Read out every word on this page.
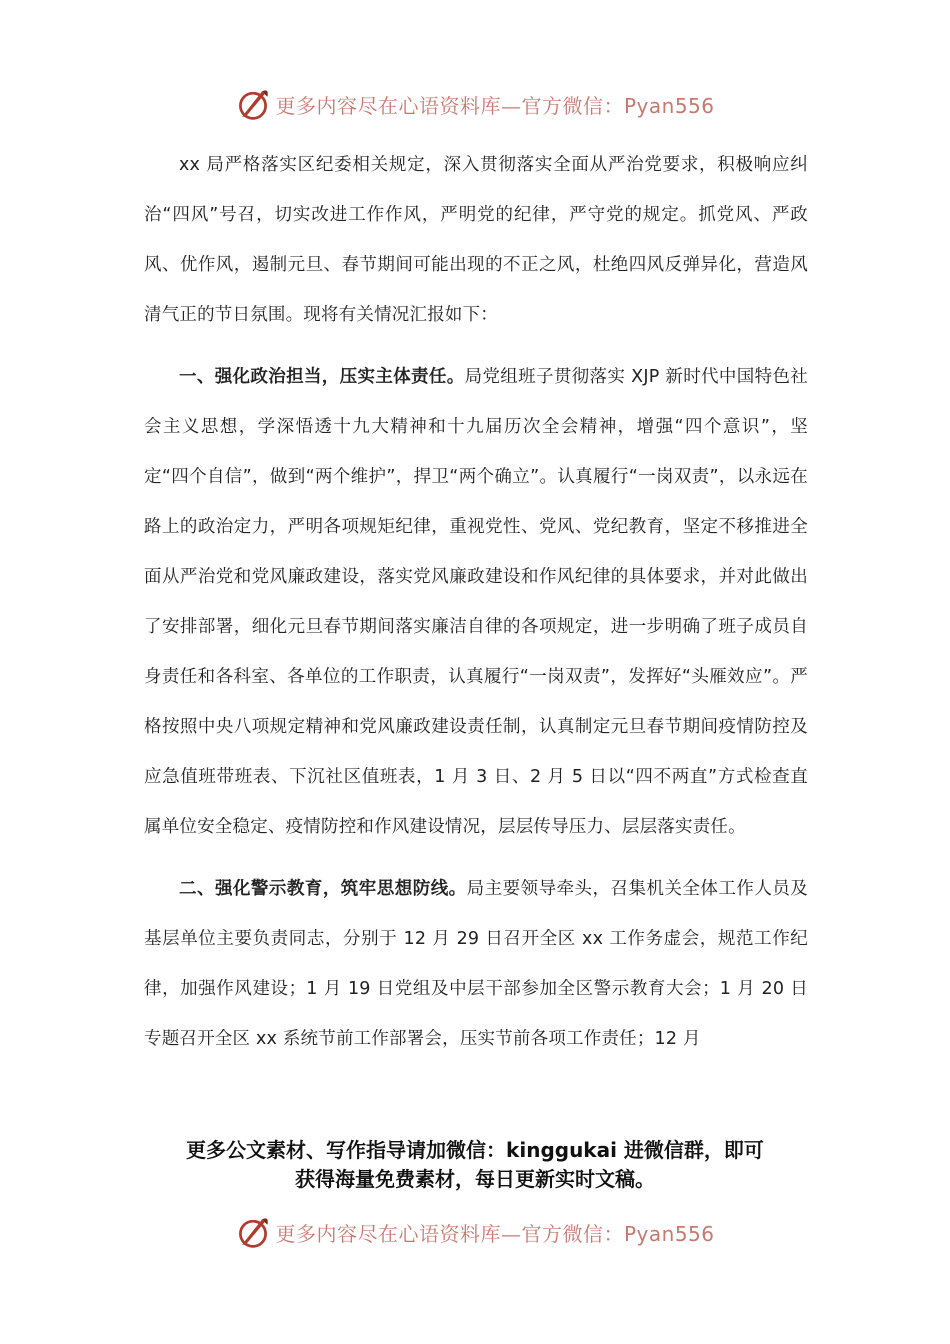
更多内容尽在心语资料库—官方微信：Pyan556

xx 局严格落实区纪委相关规定，深入贯彻落实全面从严治党要求，积极响应纠治“四风”号召，切实改进工作作风，严明党的纪律，严守党的规定。抓党风、严政风、优作风，遏制元旦、春节期间可能出现的不正之风，杜绝四风反弹异化，营造风清气正的节日氛围。现将有关情况汇报如下：

一、强化政治担当，压实主体责任。局党组班子贯彻落实 XJP 新时代中国特色社会主义思想，学深悟透十九大精神和十九届历次全会精神，增强“四个意识”，坚定“四个自信”，做到“两个维护”，捍卫“两个确立”。认真履行“一岗双责”，以永远在路上的政治定力，严明各项规矩纪律，重视党性、党风、党纪教育，坚定不移推进全面从严治党和党风廉政建设，落实党风廉政建设和作风纪律的具体要求，并对此做出了安排部署，细化元旦春节期间落实廉洁自律的各项规定，进一步明确了班子成员自身责任和各科室、各单位的工作职责，认真履行“一岗双责”，发挥好“头雁效应”。严格按照中央八项规定精神和党风廉政建设责任制，认真制定元旦春节期间疫情防控及应急值班带班表、下沉社区值班表，1 月 3 日、2 月 5 日以“四不两直”方式检查直属单位安全稳定、疫情防控和作风建设情况，层层传导压力、层层落实责任。

二、强化警示教育，筑牢思想防线。局主要领导牵头，召集机关全体工作人员及基层单位主要负责同志，分别于 12 月 29 日召开全区 xx 工作务虚会，规范工作纪律，加强作风建设；1 月 19 日党组及中层干部参加全区警示教育大会；1 月 20 日专题召开全区 xx 系统节前工作部署会，压实节前各项工作责任；12 月

更多公文素材、写作指导请加微信：kinggukai 进微信群，即可
获得海量免费素材，每日更新实时文稿。
更多内容尽在心语资料库—官方微信：Pyan556
